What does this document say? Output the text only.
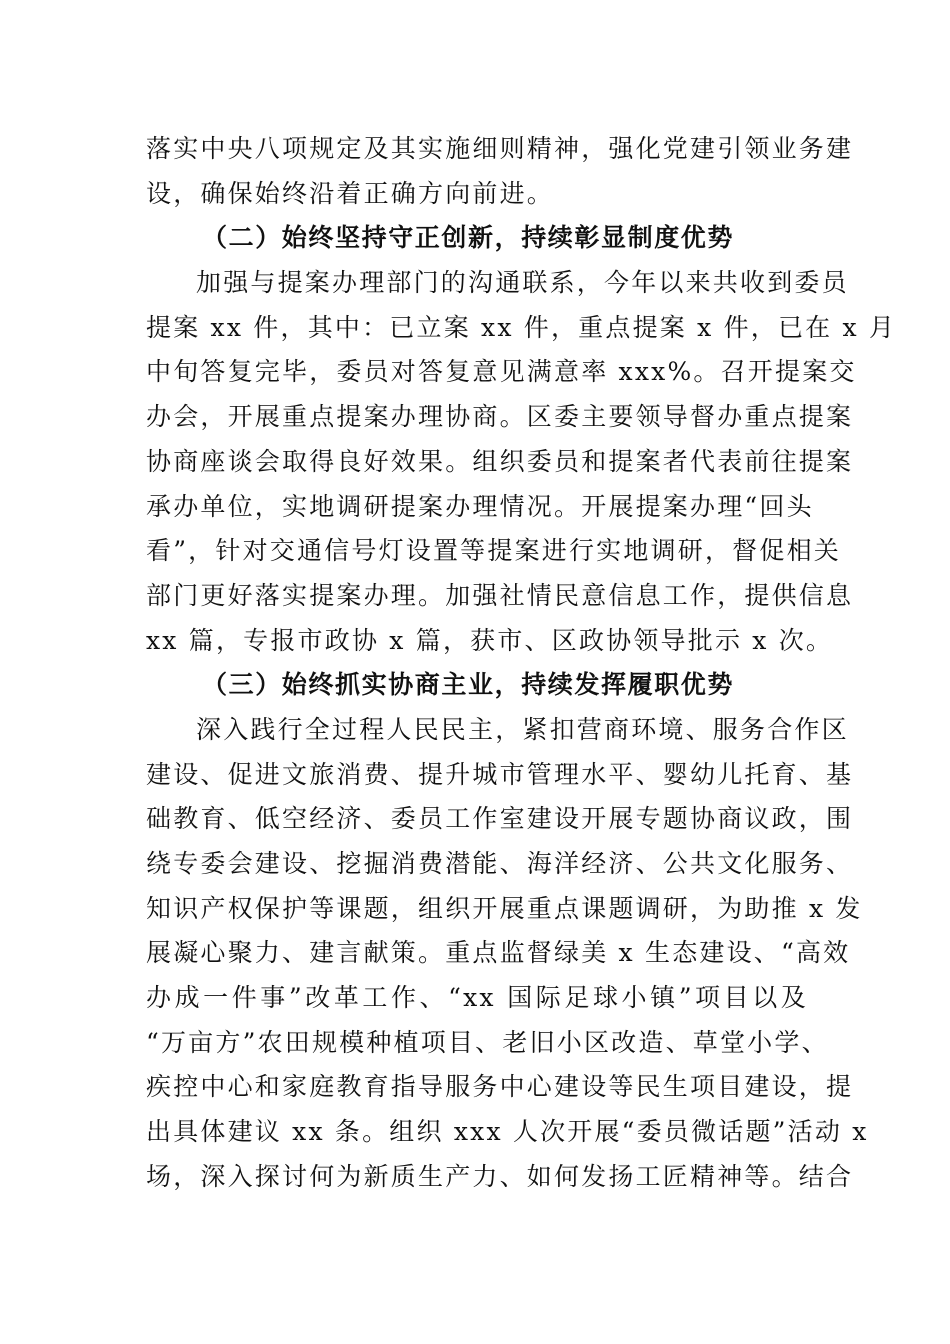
落实中央八项规定及其实施细则精神，强化党建引领业务建
设，确保始终沿着正确方向前进。
（二）始终坚持守正创新，持续彰显制度优势
加强与提案办理部门的沟通联系，今年以来共收到委员
提案 xx 件，其中：已立案 xx 件，重点提案 x 件，已在 x 月
中旬答复完毕，委员对答复意见满意率 xxx%。召开提案交
办会，开展重点提案办理协商。区委主要领导督办重点提案
协商座谈会取得良好效果。组织委员和提案者代表前往提案
承办单位，实地调研提案办理情况。开展提案办理“回头
看”，针对交通信号灯设置等提案进行实地调研，督促相关
部门更好落实提案办理。加强社情民意信息工作，提供信息
xx 篇，专报市政协 x 篇，获市、区政协领导批示 x 次。
（三）始终抓实协商主业，持续发挥履职优势
深入践行全过程人民民主，紧扣营商环境、服务合作区
建设、促进文旅消费、提升城市管理水平、婴幼儿托育、基
础教育、低空经济、委员工作室建设开展专题协商议政，围
绕专委会建设、挖掘消费潜能、海洋经济、公共文化服务、
知识产权保护等课题，组织开展重点课题调研，为助推 x 发
展凝心聚力、建言献策。重点监督绿美 x 生态建设、“高效
办成一件事”改革工作、“xx 国际足球小镇”项目以及
“万亩方”农田规模种植项目、老旧小区改造、草堂小学、
疾控中心和家庭教育指导服务中心建设等民生项目建设，提
出具体建议 xx 条。组织 xxx 人次开展“委员微话题”活动 x
场，深入探讨何为新质生产力、如何发扬工匠精神等。结合
